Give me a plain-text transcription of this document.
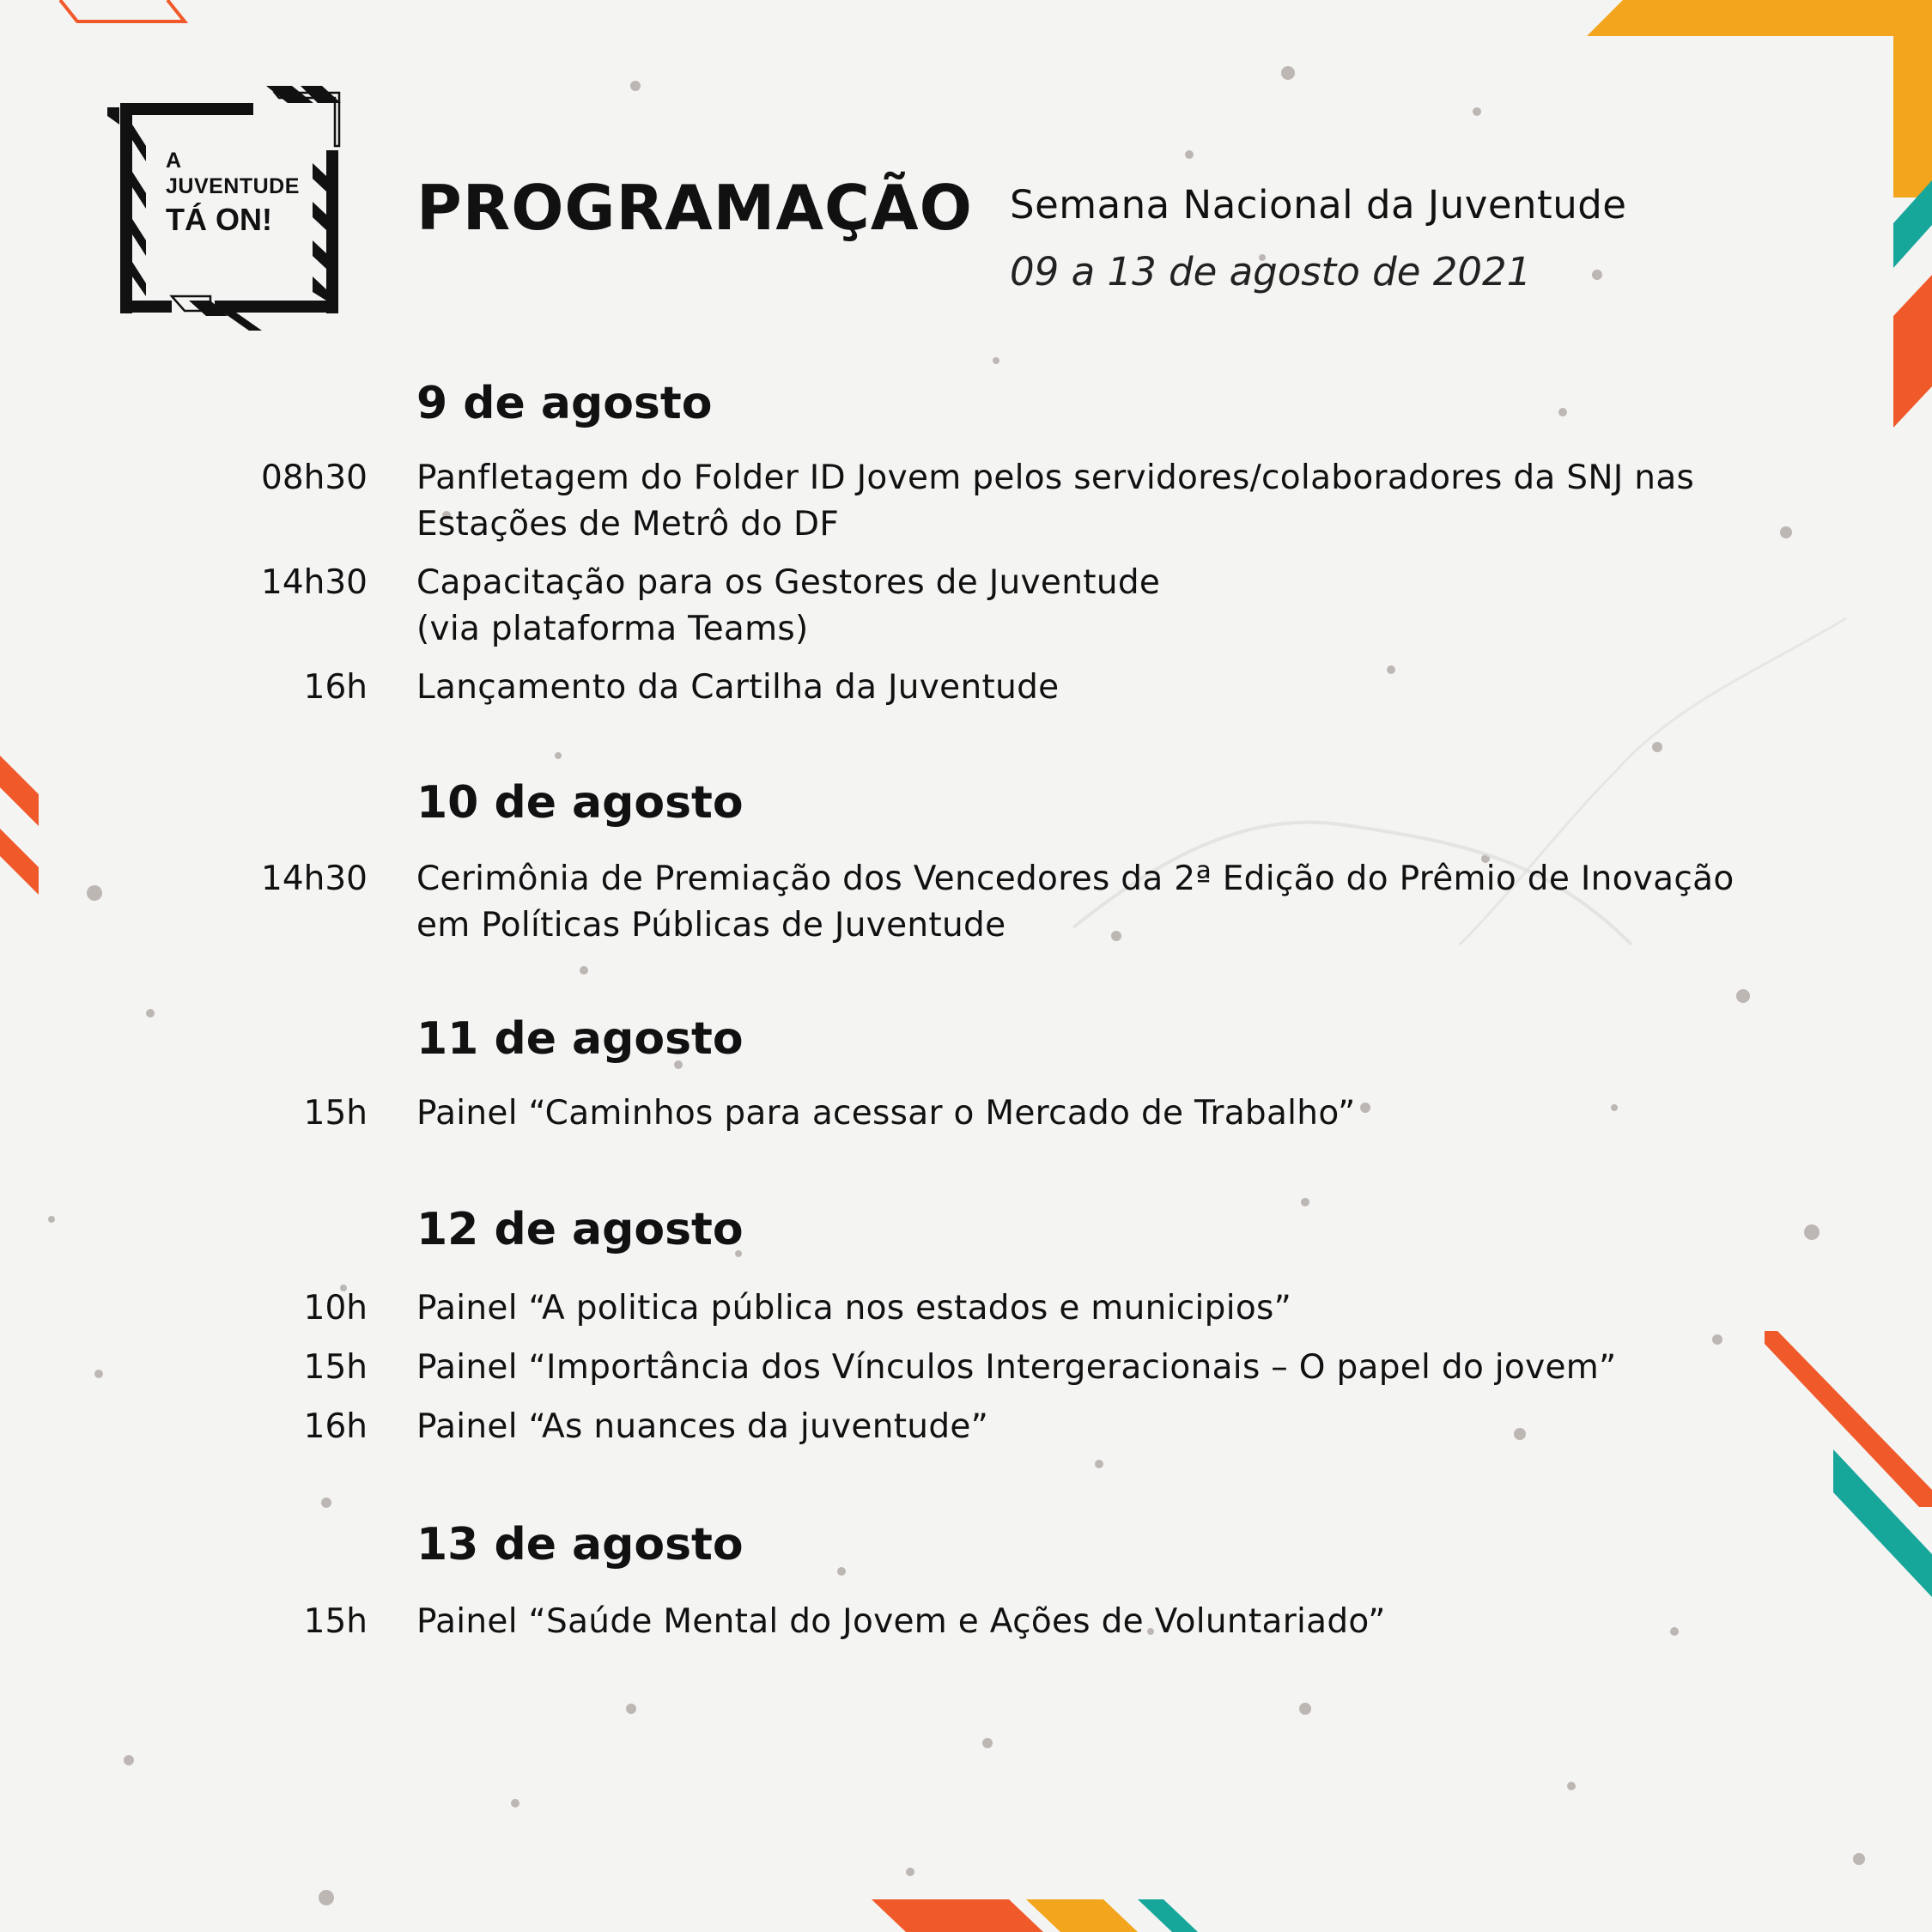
A
JUVENTUDE
TÁ ON!	PROGRAMAÇÃO Semana Nacional da Juventude
09 a 13 de agosto de 2021
9 de agosto
08h30 Panfletagem do Folder ID Jovem pelos servidores/colaboradores da SNJ nas Estações de Metrô do DF
14h30 Capacitação para os Gestores de Juventude (via plataforma Teams)
16h Lançamento da Cartilha da Juventude
10 de agosto
14h30 Cerimônia de Premiação dos Vencedores da 2ª Edição do Prêmio de Inovação em Políticas Públicas de Juventude
11 de agosto
15h Painel “Caminhos para acessar o Mercado de Trabalho”
12 de agosto
10h Painel “A politica pública nos estados e municipios”
15h Painel “Importância dos Vínculos Intergeracionais – O papel do jovem”
16h Painel “As nuances da juventude”
13 de agosto
15h Painel “Saúde Mental do Jovem e Ações de Voluntariado”
